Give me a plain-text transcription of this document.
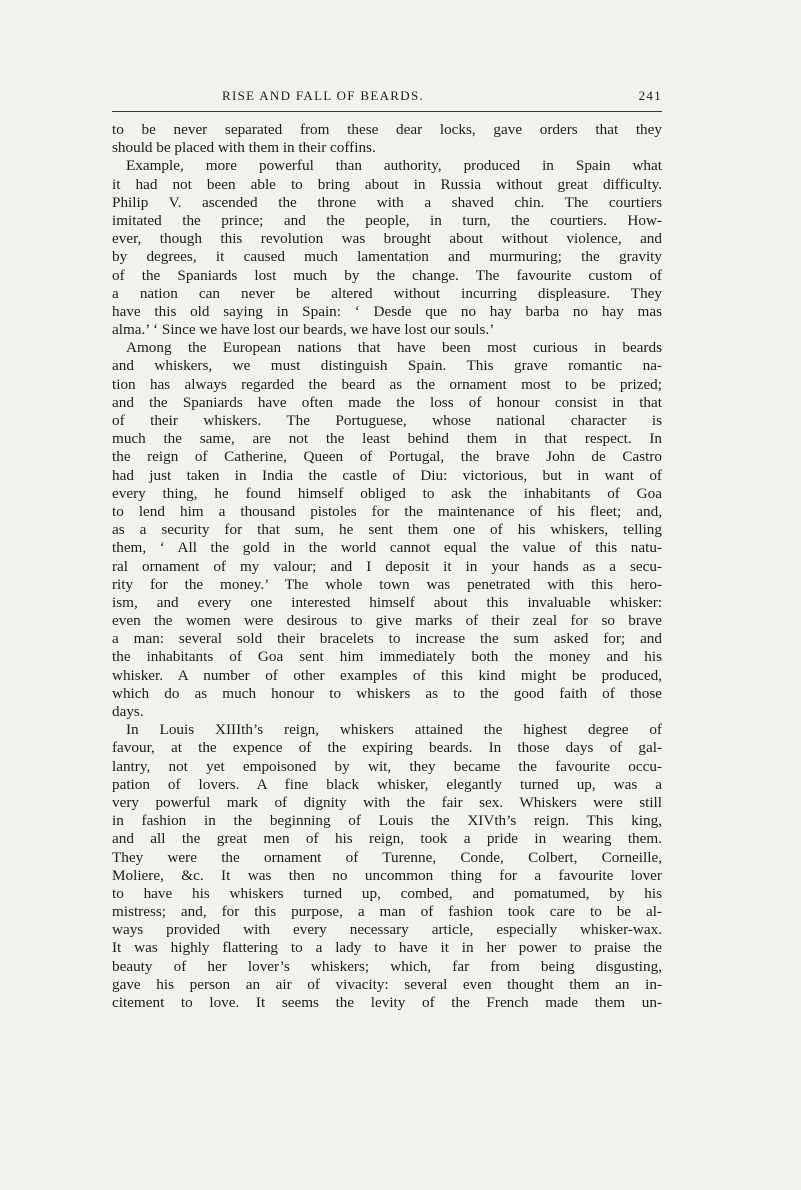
RISE AND FALL OF BEARDS.	241
to be never separated from these dear locks, gave orders that they
should be placed with them in their coffins.
Example, more powerful than authority, produced in Spain what
it had not been able to bring about in Russia without great difficulty.
Philip V. ascended the throne with a shaved chin. The courtiers
imitated the prince; and the people, in turn, the courtiers. How-
ever, though this revolution was brought about without violence, and
by degrees, it caused much lamentation and murmuring; the gravity
of the Spaniards lost much by the change. The favourite custom of
a nation can never be altered without incurring displeasure. They
have this old saying in Spain: ‘ Desde que no hay barba no hay mas
alma.’ ‘ Since we have lost our beards, we have lost our souls.’
Among the European nations that have been most curious in beards
and whiskers, we must distinguish Spain. This grave romantic na-
tion has always regarded the beard as the ornament most to be prized;
and the Spaniards have often made the loss of honour consist in that
of their whiskers. The Portuguese, whose national character is
much the same, are not the least behind them in that respect. In
the reign of Catherine, Queen of Portugal, the brave John de Castro
had just taken in India the castle of Diu: victorious, but in want of
every thing, he found himself obliged to ask the inhabitants of Goa
to lend him a thousand pistoles for the maintenance of his fleet; and,
as a security for that sum, he sent them one of his whiskers, telling
them, ‘ All the gold in the world cannot equal the value of this natu-
ral ornament of my valour; and I deposit it in your hands as a secu-
rity for the money.’ The whole town was penetrated with this hero-
ism, and every one interested himself about this invaluable whisker:
even the women were desirous to give marks of their zeal for so brave
a man: several sold their bracelets to increase the sum asked for; and
the inhabitants of Goa sent him immediately both the money and his
whisker. A number of other examples of this kind might be produced,
which do as much honour to whiskers as to the good faith of those
days.
In Louis XIIIth’s reign, whiskers attained the highest degree of
favour, at the expence of the expiring beards. In those days of gal-
lantry, not yet empoisoned by wit, they became the favourite occu-
pation of lovers. A fine black whisker, elegantly turned up, was a
very powerful mark of dignity with the fair sex. Whiskers were still
in fashion in the beginning of Louis the XIVth’s reign. This king,
and all the great men of his reign, took a pride in wearing them.
They were the ornament of Turenne, Conde, Colbert, Corneille,
Moliere, &c. It was then no uncommon thing for a favourite lover
to have his whiskers turned up, combed, and pomatumed, by his
mistress; and, for this purpose, a man of fashion took care to be al-
ways provided with every necessary article, especially whisker-wax.
It was highly flattering to a lady to have it in her power to praise the
beauty of her lover’s whiskers; which, far from being disgusting,
gave his person an air of vivacity: several even thought them an in-
citement to love. It seems the levity of the French made them un-
